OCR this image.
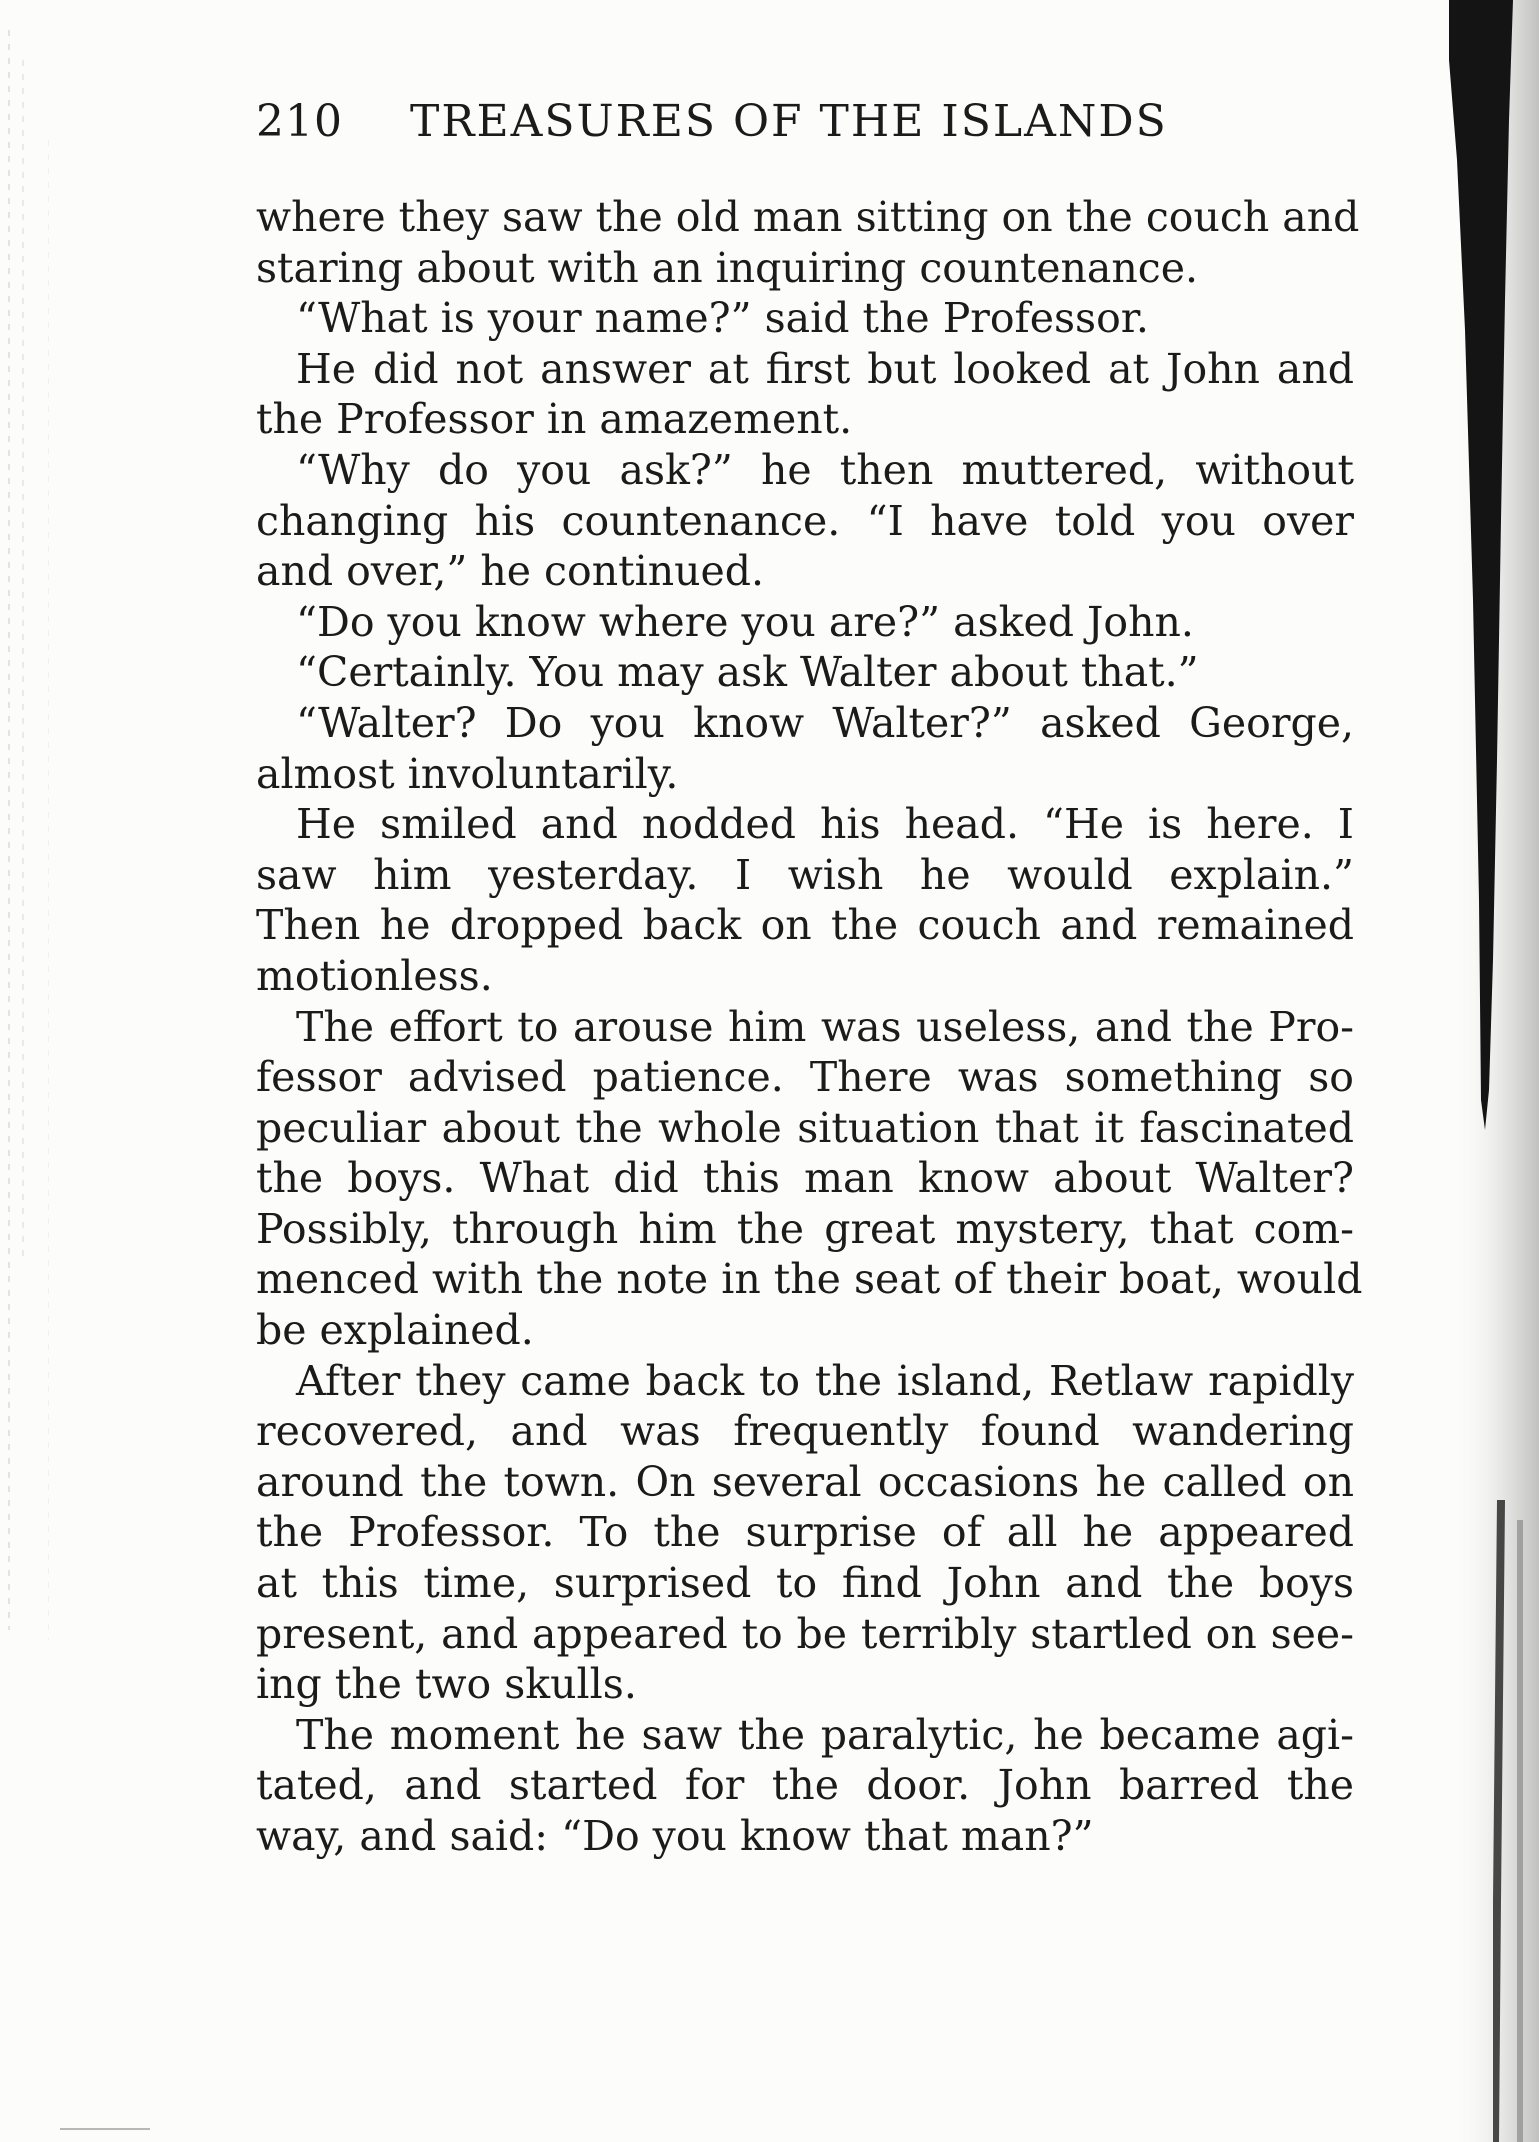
210 TREASURES OF THE ISLANDS
where they saw the old man sitting on the couch and
staring about with an inquiring countenance.
“What is your name?” said the Professor.
He did not answer at first but looked at John and
the Professor in amazement.
“Why do you ask?” he then muttered, without
changing his countenance. “I have told you over
and over,” he continued.
“Do you know where you are?” asked John.
“Certainly. You may ask Walter about that.”
“Walter? Do you know Walter?” asked George,
almost involuntarily.
He smiled and nodded his head. “He is here. I
saw him yesterday. I wish he would explain.”
Then he dropped back on the couch and remained
motionless.
The effort to arouse him was useless, and the Pro-
fessor advised patience. There was something so
peculiar about the whole situation that it fascinated
the boys. What did this man know about Walter?
Possibly, through him the great mystery, that com-
menced with the note in the seat of their boat, would
be explained.
After they came back to the island, Retlaw rapidly
recovered, and was frequently found wandering
around the town. On several occasions he called on
the Professor. To the surprise of all he appeared
at this time, surprised to find John and the boys
present, and appeared to be terribly startled on see-
ing the two skulls.
The moment he saw the paralytic, he became agi-
tated, and started for the door. John barred the
way, and said: “Do you know that man?”
